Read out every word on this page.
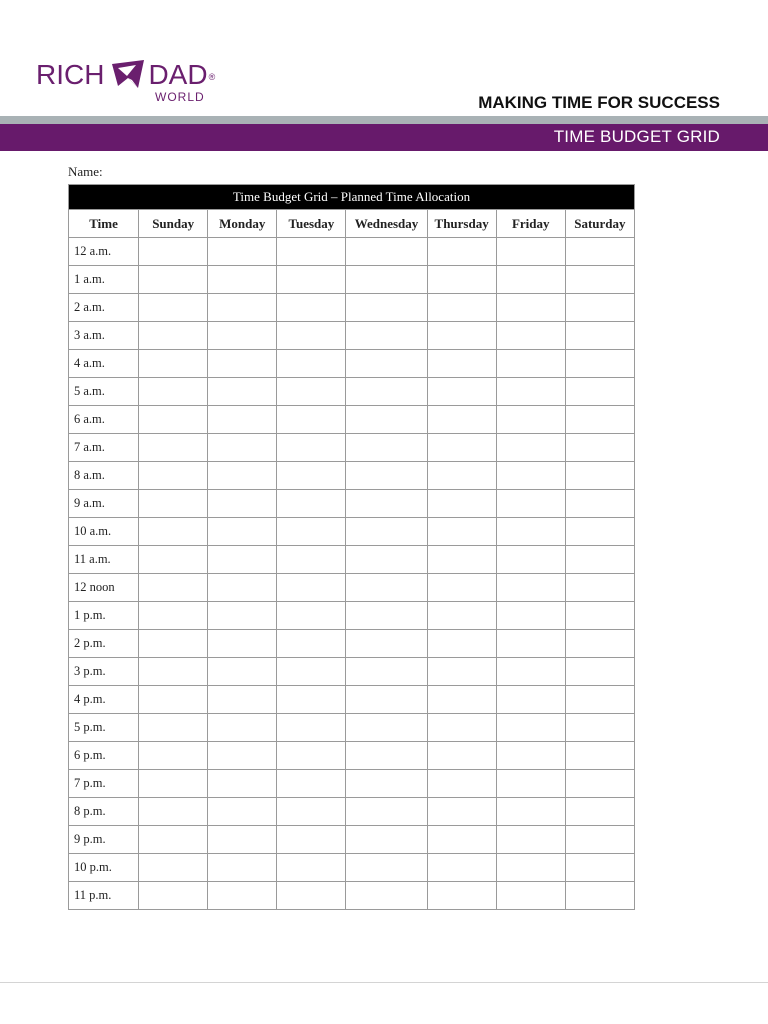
RICH DAD ®
WORLD	MAKING TIME FOR SUCCESS
TIME BUDGET GRID
Name:
Time Budget Grid – Planned Time Allocation							
Time	Sunday	Monday	Tuesday	Wednesday	Thursday	Friday	Saturday
12 a.m.							
1 a.m.							
2 a.m.							
3 a.m.							
4 a.m.							
5 a.m.							
6 a.m.							
7 a.m.							
8 a.m.							
9 a.m.							
10 a.m.							
11 a.m.							
12 noon							
1 p.m.							
2 p.m.							
3 p.m.							
4 p.m.							
5 p.m.							
6 p.m.							
7 p.m.							
8 p.m.							
9 p.m.							
10 p.m.							
11 p.m.							
